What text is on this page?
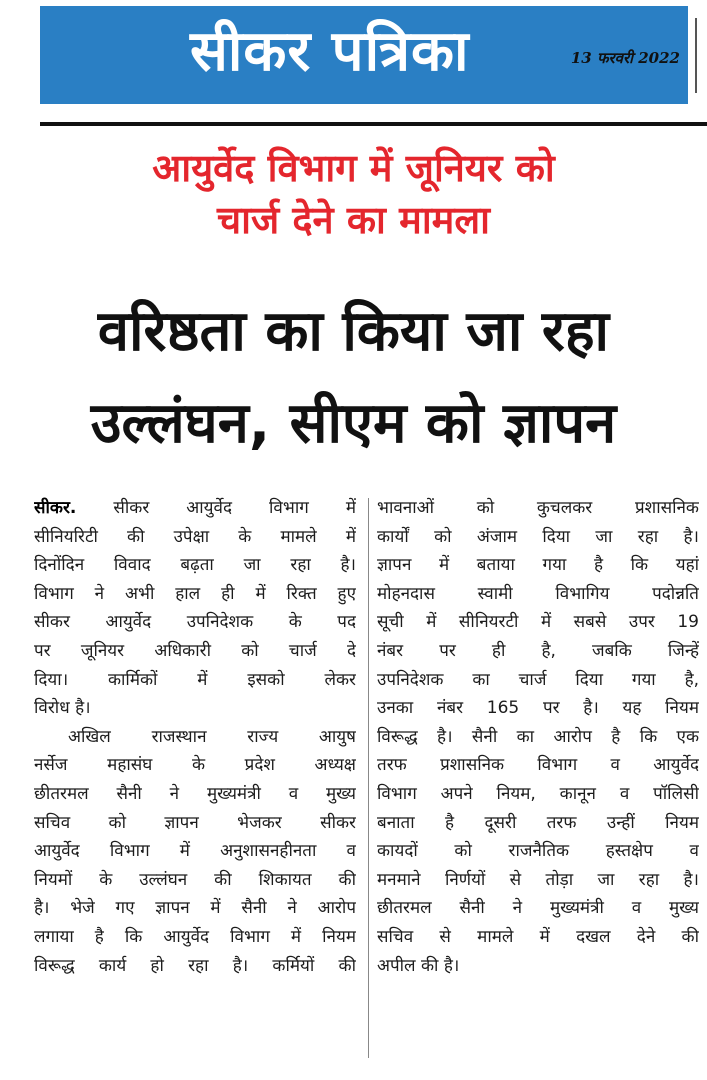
सीकर पत्रिका	13 फरवरी 2022
आयुर्वेद विभाग में जूनियर को
चार्ज देने का मामला
वरिष्ठता का किया जा रहा
उल्लंघन, सीएम को ज्ञापन
सीकर. सीकर आयुर्वेद विभाग में
सीनियरिटी की उपेक्षा के मामले में
दिनोंदिन विवाद बढ़ता जा रहा है।
विभाग ने अभी हाल ही में रिक्त हुए
सीकर आयुर्वेद उपनिदेशक के पद
पर जूनियर अधिकारी को चार्ज दे
दिया। कार्मिकों में इसको लेकर
विरोध है।
अखिल राजस्थान राज्य आयुष
नर्सेज महासंघ के प्रदेश अध्यक्ष
छीतरमल सैनी ने मुख्यमंत्री व मुख्य
सचिव को ज्ञापन भेजकर सीकर
आयुर्वेद विभाग में अनुशासनहीनता व
नियमों के उल्लंघन की शिकायत की
है। भेजे गए ज्ञापन में सैनी ने आरोप
लगाया है कि आयुर्वेद विभाग में नियम
विरूद्ध कार्य हो रहा है। कर्मियों की
भावनाओं को कुचलकर प्रशासनिक
कार्यों को अंजाम दिया जा रहा है।
ज्ञापन में बताया गया है कि यहां
मोहनदास स्वामी विभागिय पदोन्नति
सूची में सीनियरटी में सबसे उपर 19
नंबर पर ही है, जबकि जिन्हें
उपनिदेशक का चार्ज दिया गया है,
उनका नंबर 165 पर है। यह नियम
विरूद्ध है। सैनी का आरोप है कि एक
तरफ प्रशासनिक विभाग व आयुर्वेद
विभाग अपने नियम, कानून व पॉलिसी
बनाता है दूसरी तरफ उन्हीं नियम
कायदों को राजनैतिक हस्तक्षेप व
मनमाने निर्णयों से तोड़ा जा रहा है।
छीतरमल सैनी ने मुख्यमंत्री व मुख्य
सचिव से मामले में दखल देने की
अपील की है।
